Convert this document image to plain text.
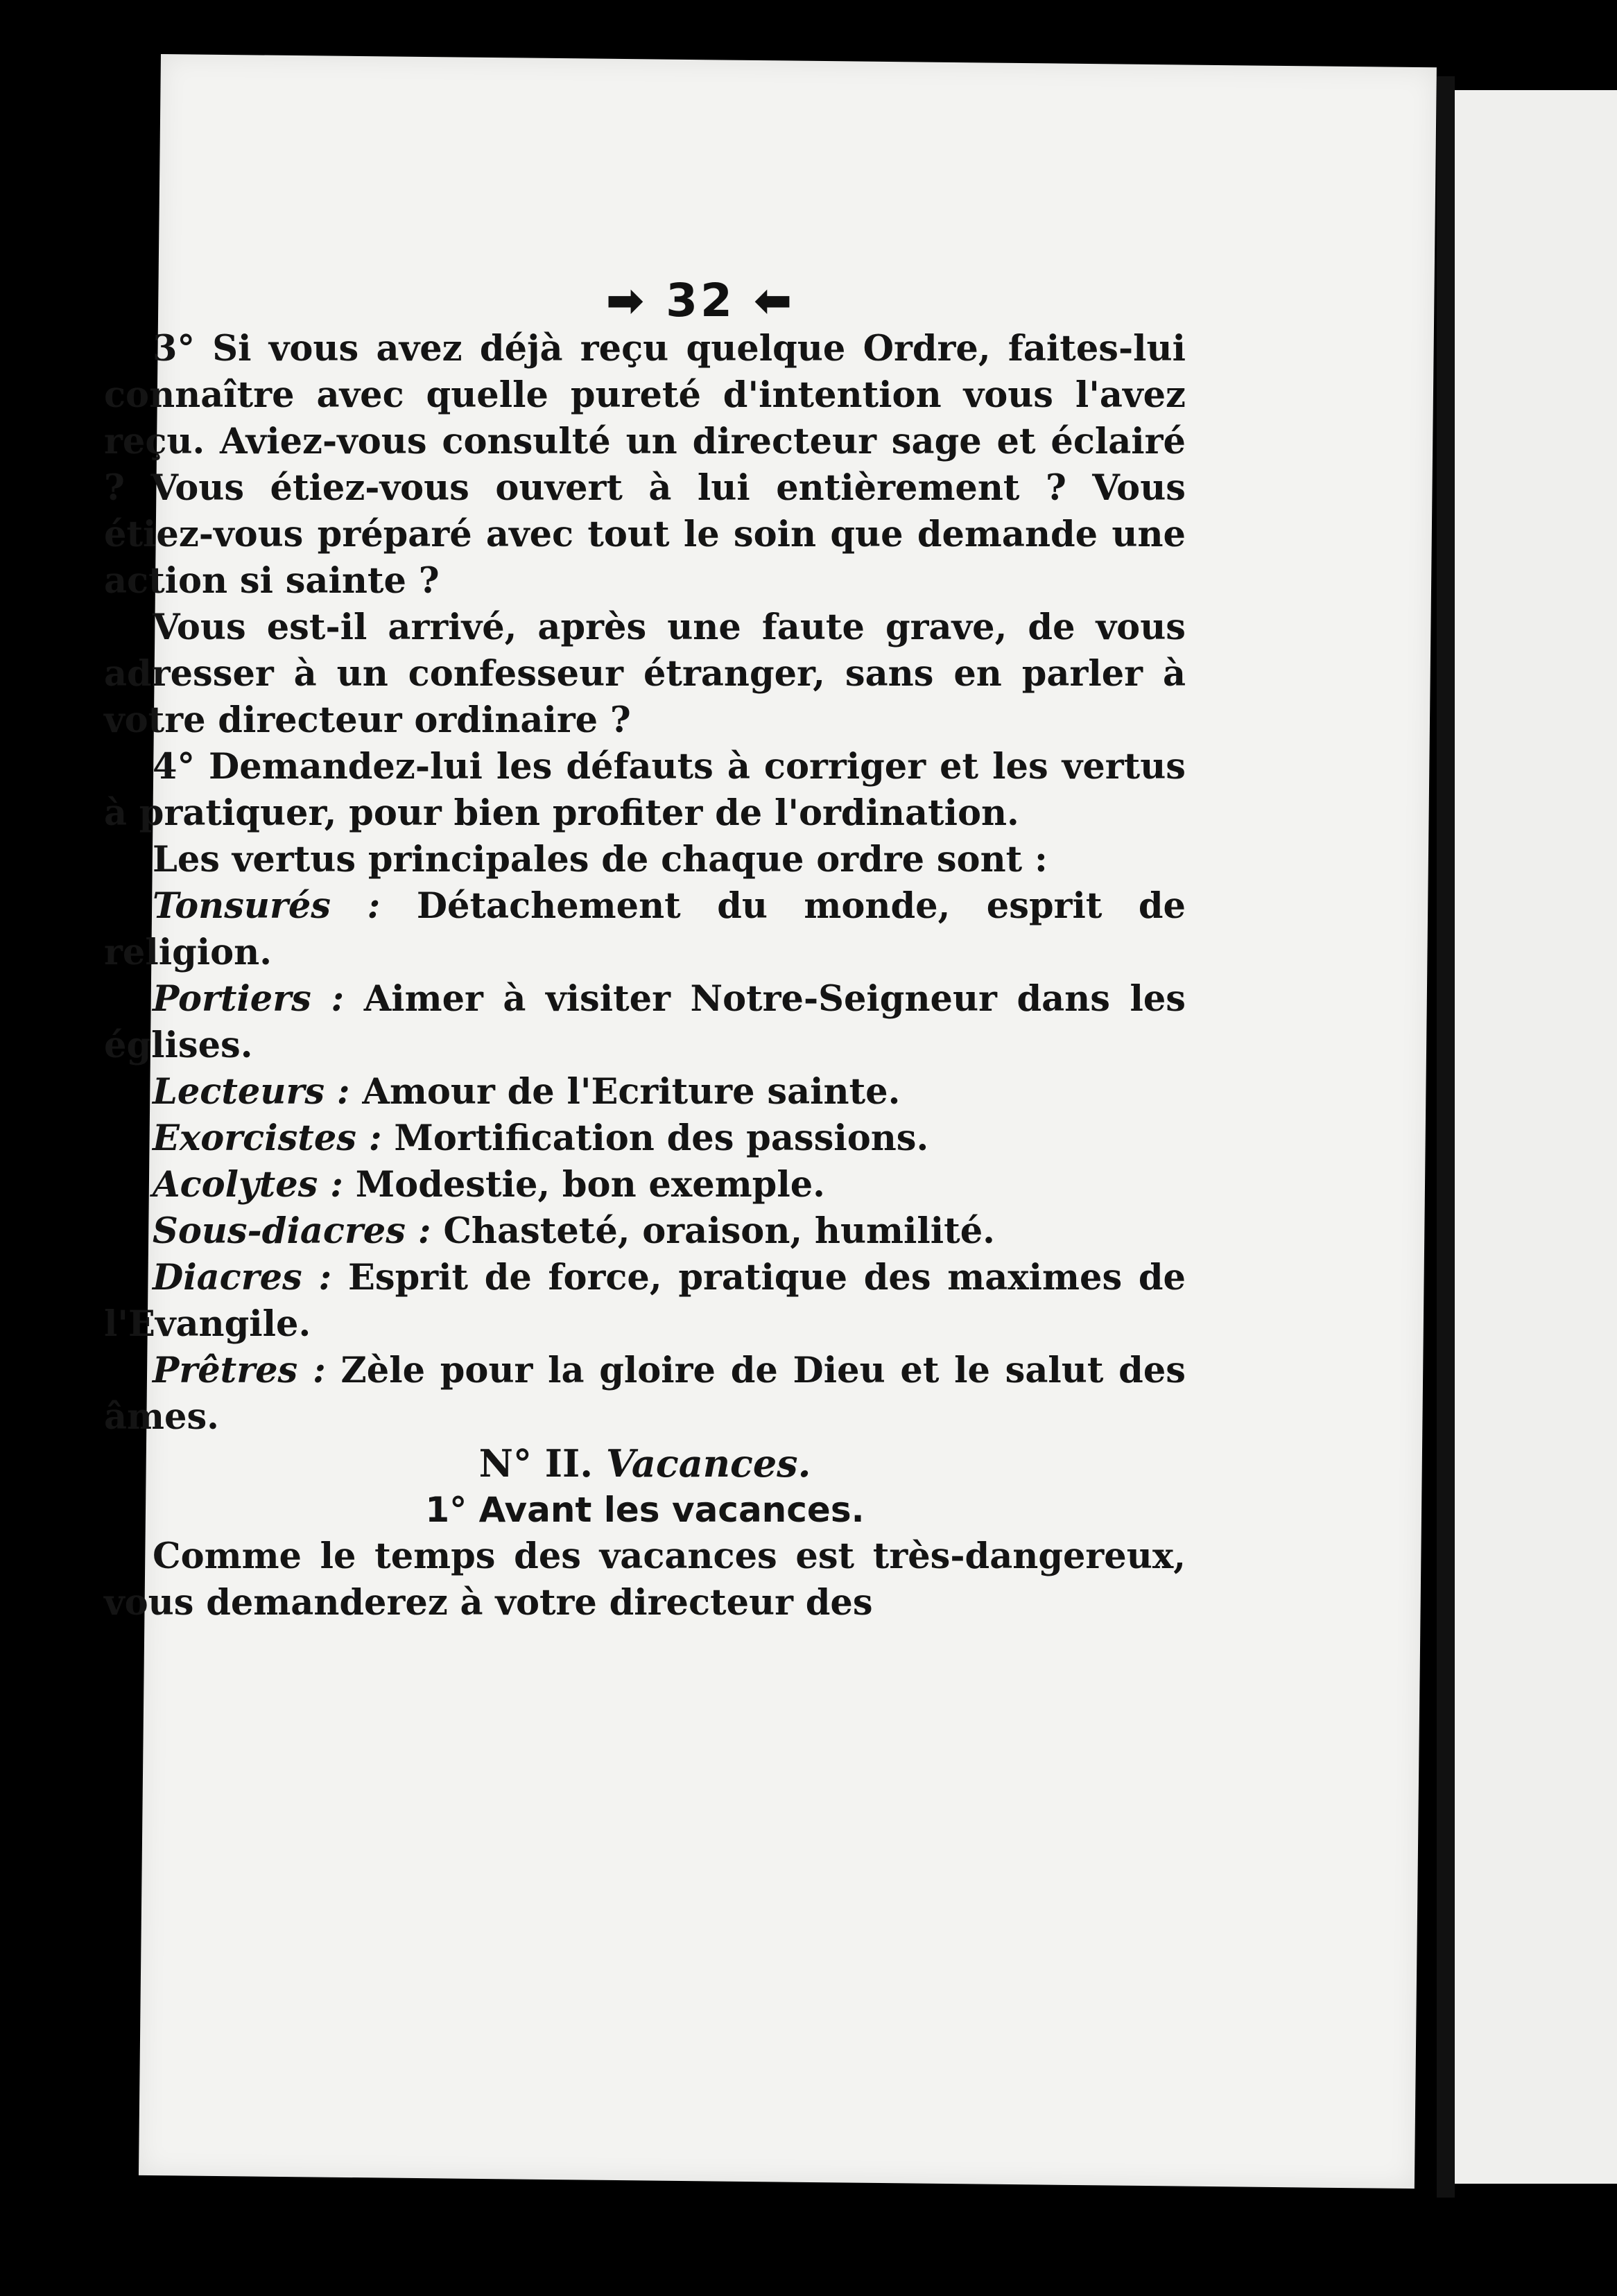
➡ 32 ⬅

3° Si vous avez déjà reçu quelque Ordre, faites-lui connaître avec quelle pureté d'intention vous l'avez reçu. Aviez-vous consulté un directeur sage et éclairé ? Vous étiez-vous ouvert à lui entièrement ? Vous étiez-vous préparé avec tout le soin que demande une action si sainte ?

Vous est-il arrivé, après une faute grave, de vous adresser à un confesseur étranger, sans en parler à votre directeur ordinaire ?

4° Demandez-lui les défauts à corriger et les vertus à pratiquer, pour bien profiter de l'ordination.

Les vertus principales de chaque ordre sont :

Tonsurés : Détachement du monde, esprit de religion.

Portiers : Aimer à visiter Notre-Seigneur dans les églises.

Lecteurs : Amour de l'Ecriture sainte.

Exorcistes : Mortification des passions.

Acolytes : Modestie, bon exemple.

Sous-diacres : Chasteté, oraison, humilité.

Diacres : Esprit de force, pratique des maximes de l'Evangile.

Prêtres : Zèle pour la gloire de Dieu et le salut des âmes.

N° II. Vacances.

1° Avant les vacances.

Comme le temps des vacances est très-dangereux, vous demanderez à votre directeur des
